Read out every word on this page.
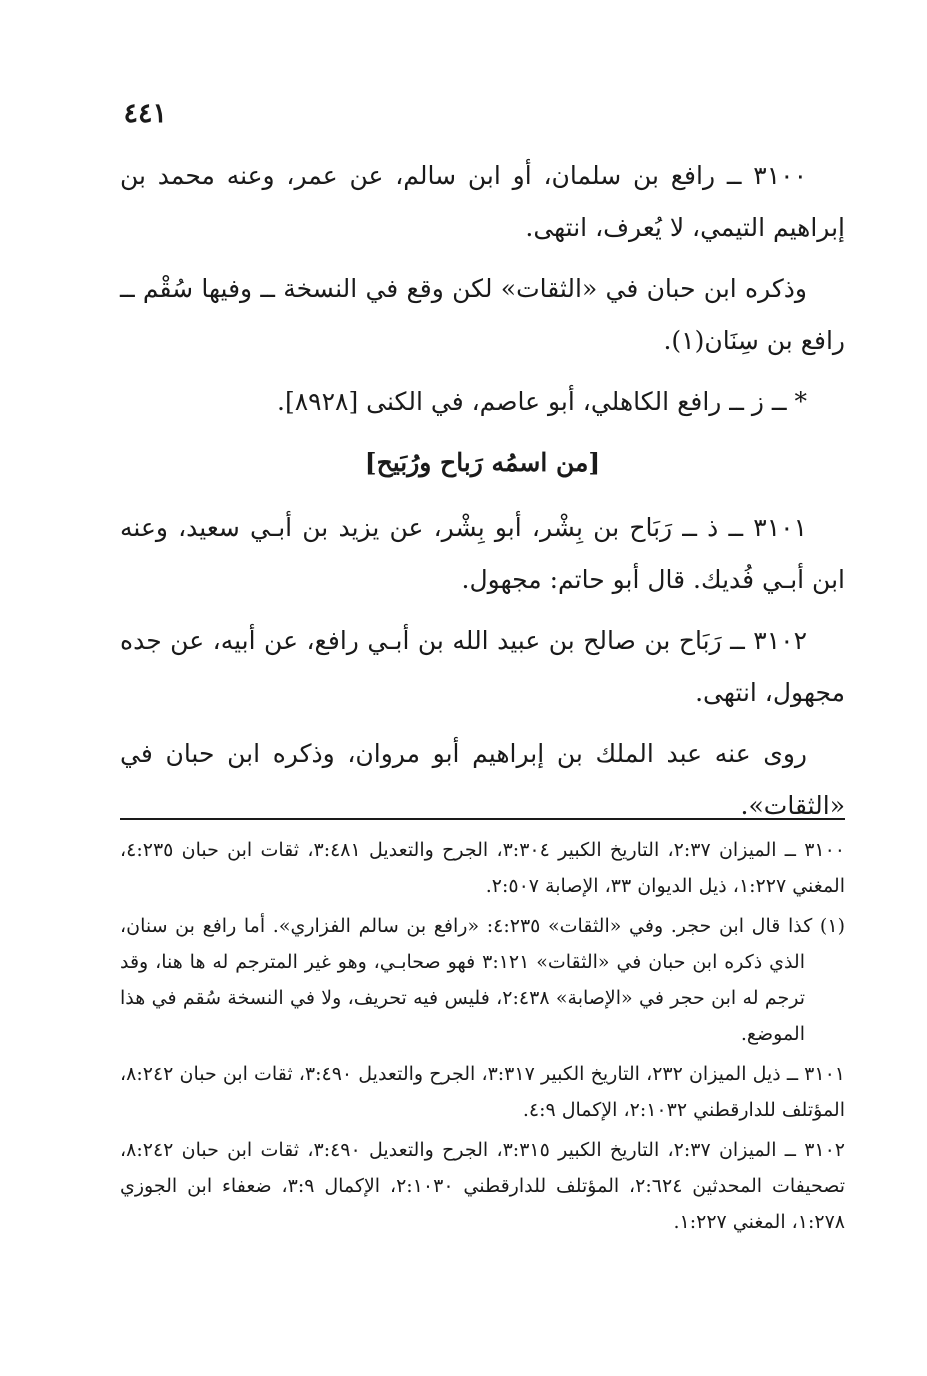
٤٤١

٣١٠٠ ــ رافع بن سلمان، أو ابن سالم، عن عمر، وعنه محمد بن إبراهيم التيمي، لا يُعرف، انتهى.

وذكره ابن حبان في «الثقات» لكن وقع في النسخة ــ وفيها سُقْم ــ رافع بن سِنَان(١).

* ــ ز ــ رافع الكاهلي، أبو عاصم، في الكنى [٨٩٢٨].

[من اسمُه رَباح ورُبَيح]

٣١٠١ ــ ذ ــ رَبَاح بن بِشْر، أبو بِشْر، عن يزيد بن أبـي سعيد، وعنه ابن أبـي فُديك. قال أبو حاتم: مجهول.

٣١٠٢ ــ رَبَاح بن صالح بن عبيد الله بن أبـي رافع، عن أبيه، عن جده مجهول، انتهى.

روى عنه عبد الملك بن إبراهيم أبو مروان، وذكره ابن حبان في «الثقات».

٣١٠٠ ــ الميزان ٢:٣٧، التاريخ الكبير ٣:٣٠٤، الجرح والتعديل ٣:٤٨١، ثقات ابن حبان ٤:٢٣٥، المغني ١:٢٢٧، ذيل الديوان ٣٣، الإصابة ٢:٥٠٧.

(١) كذا قال ابن حجر. وفي «الثقات» ٤:٢٣٥: «رافع بن سالم الفزاري». أما رافع بن سنان، الذي ذكره ابن حبان في «الثقات» ٣:١٢١ فهو صحابـي، وهو غير المترجم له ها هنا، وقد ترجم له ابن حجر في «الإصابة» ٢:٤٣٨، فليس فيه تحريف، ولا في النسخة سُقم في هذا الموضع.

٣١٠١ ــ ذيل الميزان ٢٣٢، التاريخ الكبير ٣:٣١٧، الجرح والتعديل ٣:٤٩٠، ثقات ابن حبان ٨:٢٤٢، المؤتلف للدارقطني ٢:١٠٣٢، الإكمال ٤:٩.

٣١٠٢ ــ الميزان ٢:٣٧، التاريخ الكبير ٣:٣١٥، الجرح والتعديل ٣:٤٩٠، ثقات ابن حبان ٨:٢٤٢، تصحيفات المحدثين ٢:٦٢٤، المؤتلف للدارقطني ٢:١٠٣٠، الإكمال ٣:٩، ضعفاء ابن الجوزي ١:٢٧٨، المغني ١:٢٢٧.
